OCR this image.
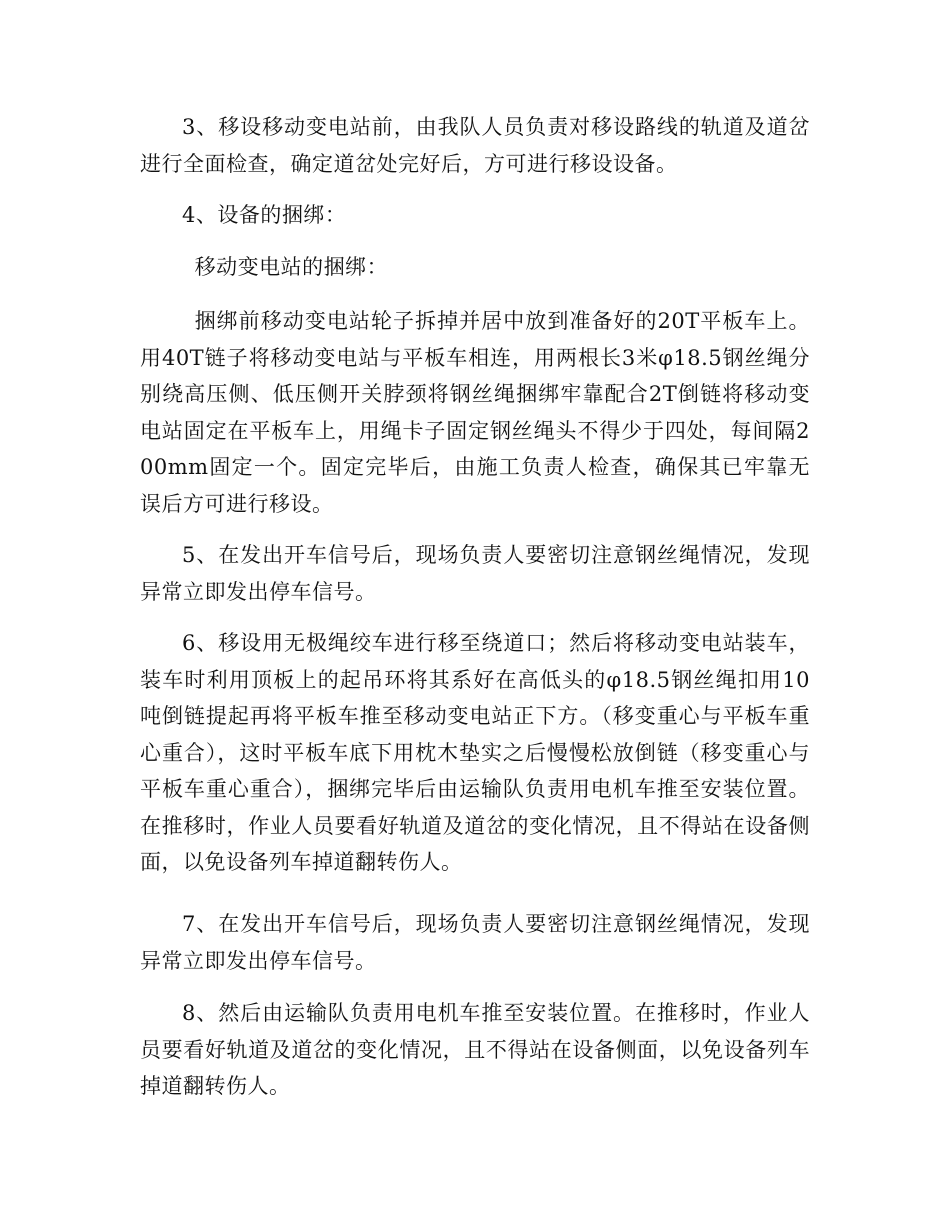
3、移设移动变电站前，由我队人员负责对移设路线的轨道及道岔进行全面检查，确定道岔处完好后，方可进行移设设备。

4、设备的捆绑：

移动变电站的捆绑：

捆绑前移动变电站轮子拆掉并居中放到准备好的20T平板车上。用40T链子将移动变电站与平板车相连，用两根长3米φ18.5钢丝绳分别绕高压侧、低压侧开关脖颈将钢丝绳捆绑牢靠配合2T倒链将移动变电站固定在平板车上，用绳卡子固定钢丝绳头不得少于四处，每间隔200mm固定一个。固定完毕后，由施工负责人检查，确保其已牢靠无误后方可进行移设。

5、在发出开车信号后，现场负责人要密切注意钢丝绳情况，发现异常立即发出停车信号。

6、移设用无极绳绞车进行移至绕道口；然后将移动变电站装车，装车时利用顶板上的起吊环将其系好在高低头的φ18.5钢丝绳扣用10吨倒链提起再将平板车推至移动变电站正下方。（移变重心与平板车重心重合），这时平板车底下用枕木垫实之后慢慢松放倒链（移变重心与平板车重心重合），捆绑完毕后由运输队负责用电机车推至安装位置。在推移时，作业人员要看好轨道及道岔的变化情况，且不得站在设备侧面，以免设备列车掉道翻转伤人。

7、在发出开车信号后，现场负责人要密切注意钢丝绳情况，发现异常立即发出停车信号。

8、然后由运输队负责用电机车推至安装位置。在推移时，作业人员要看好轨道及道岔的变化情况，且不得站在设备侧面，以免设备列车掉道翻转伤人。
